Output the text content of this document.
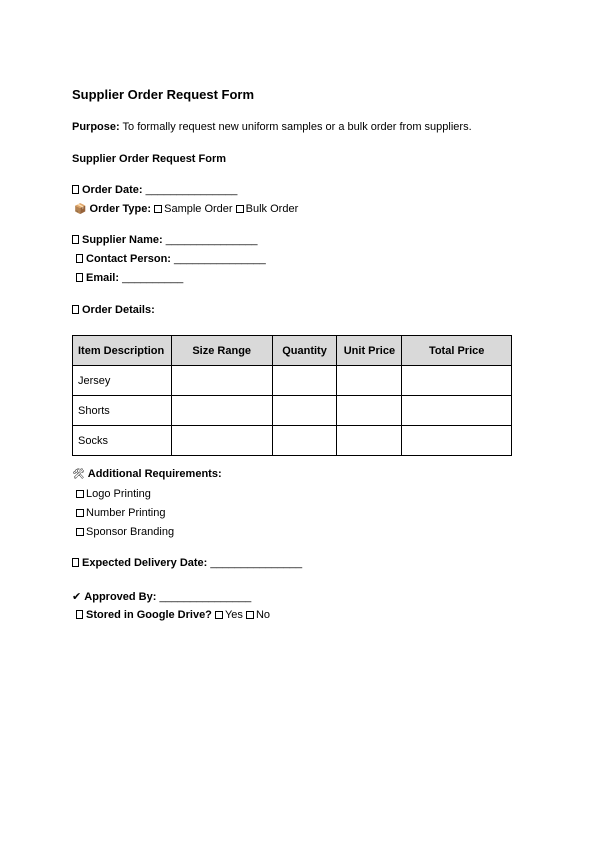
Supplier Order Request Form
Purpose: To formally request new uniform samples or a bulk order from suppliers.
Supplier Order Request Form
Order Date: _______________
📦 Order Type: Sample Order Bulk Order
Supplier Name: _______________
Contact Person: _______________
Email: __________
Order Details:
Item Description	Size Range	Quantity	Unit Price	Total Price
Jersey				
Shorts				
Socks				
🛠 Additional Requirements:
Logo Printing
Number Printing
Sponsor Branding
Expected Delivery Date: _______________
✔ Approved By: _______________
Stored in Google Drive? Yes No
